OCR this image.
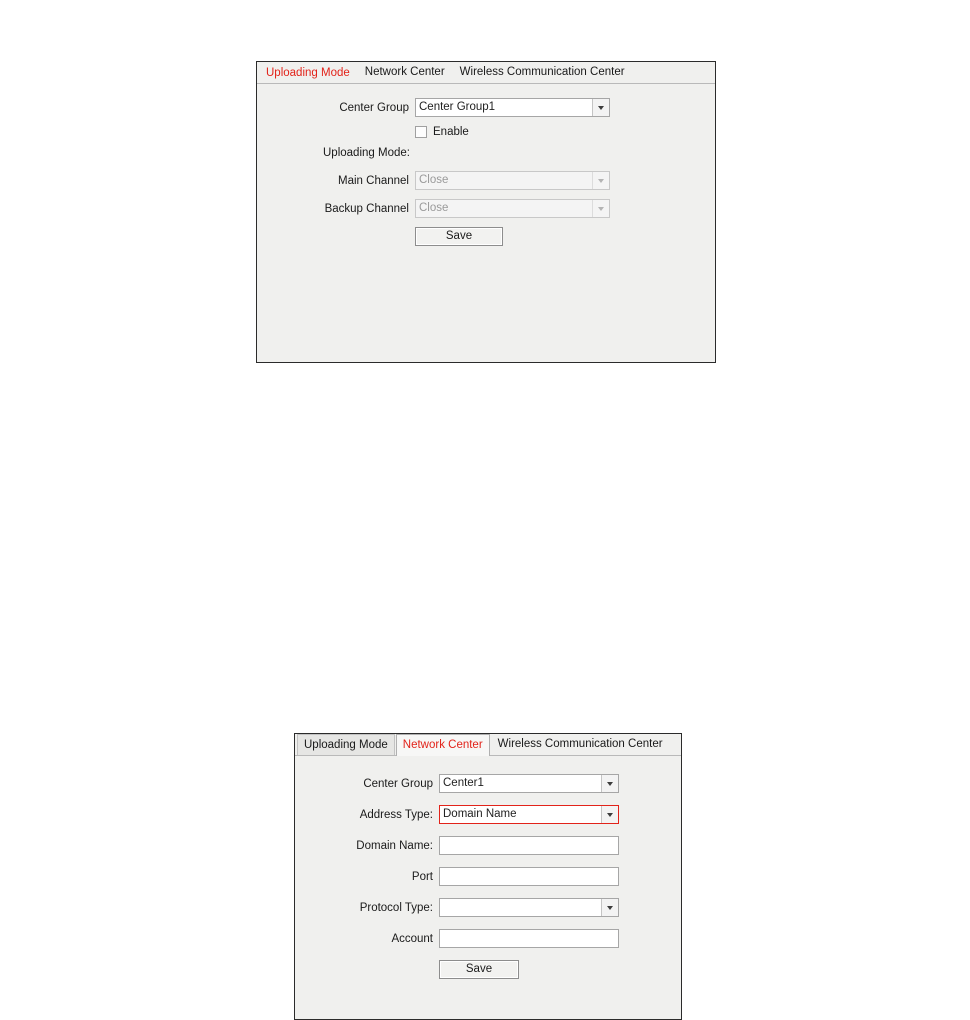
Uploading Mode	Network Center	Wireless Communication Center
Center Group Center Group1
Enable
Uploading Mode:
Main Channel Close
Backup Channel Close
Save
Uploading Mode	Network Center	Wireless Communication Center
Center Group Center1
Address Type: Domain Name
Domain Name:
Port
Protocol Type:
Account
Save
